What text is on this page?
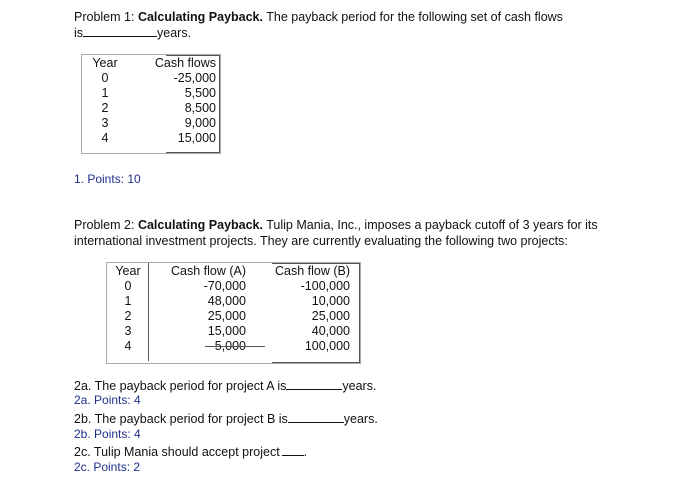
Problem 1: Calculating Payback. The payback period for the following set of cash flows
is	years.
Year	Cash flows
0	-25,000
1	5,500
2	8,500
3	9,000
4	15,000
1. Points: 10
Problem 2: Calculating Payback. Tulip Mania, Inc., imposes a payback cutoff of 3 years for its
international investment projects. They are currently evaluating the following two projects:
Year	Cash flow (A)	Cash flow (B)
0	-70,000	-100,000
1	48,000	10,000
2	25,000	25,000
3	15,000	40,000
4	5,000	100,000
2a. The payback period for project A is	years.
2a. Points: 4
2b. The payback period for project B is	years.
2b. Points: 4
2c. Tulip Mania should accept project .
2c. Points: 2
